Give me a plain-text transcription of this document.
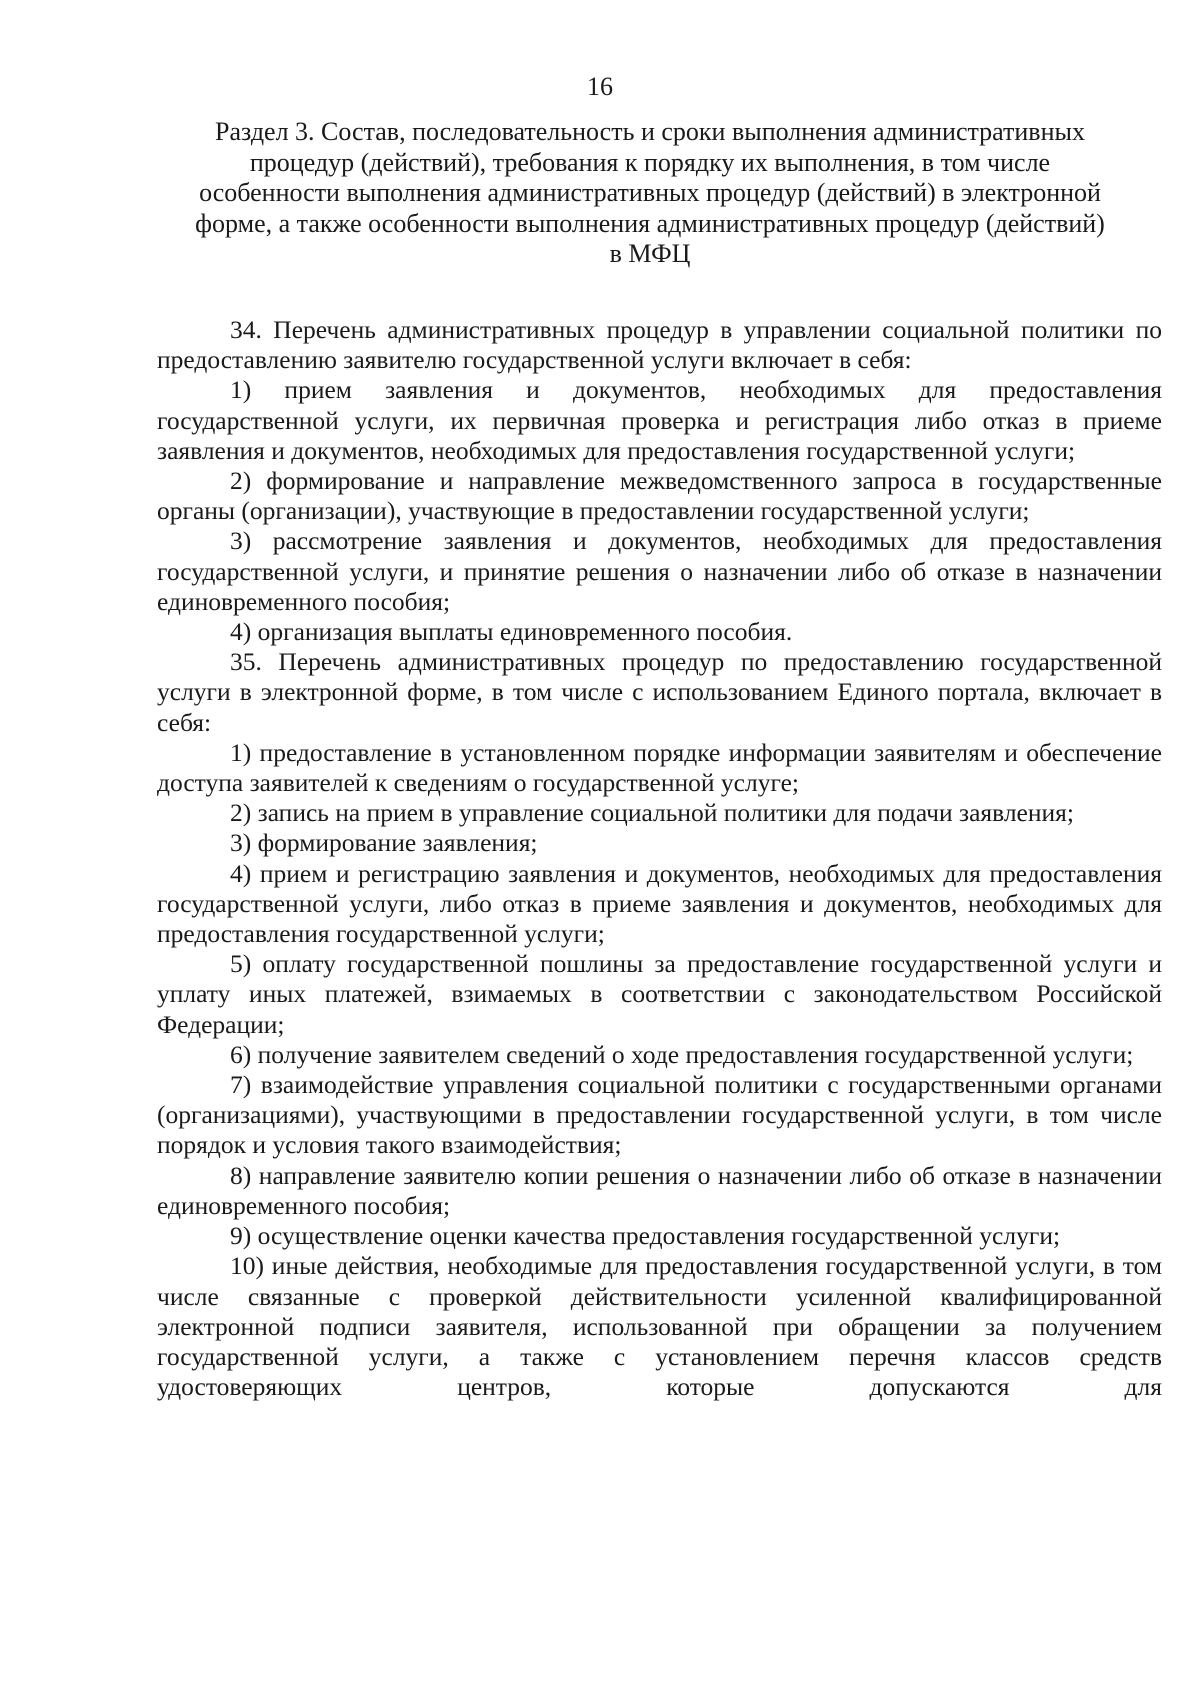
16
Раздел 3. Состав, последовательность и сроки выполнения административных
процедур (действий), требования к порядку их выполнения, в том числе
особенности выполнения административных процедур (действий) в электронной
форме, а также особенности выполнения административных процедур (действий)
в МФЦ

34. Перечень административных процедур в управлении социальной политики по предоставлению заявителю государственной услуги включает в себя:

1) прием заявления и документов, необходимых для предоставления государственной услуги, их первичная проверка и регистрация либо отказ в приеме заявления и документов, необходимых для предоставления государственной услуги;

2) формирование и направление межведомственного запроса в государственные органы (организации), участвующие в предоставлении государственной услуги;

3) рассмотрение заявления и документов, необходимых для предоставления государственной услуги, и принятие решения о назначении либо об отказе в назначении единовременного пособия;

4) организация выплаты единовременного пособия.

35. Перечень административных процедур по предоставлению государственной услуги в электронной форме, в том числе с использованием Единого портала, включает в себя:

1) предоставление в установленном порядке информации заявителям и обеспечение доступа заявителей к сведениям о государственной услуге;

2) запись на прием в управление социальной политики для подачи заявления;

3) формирование заявления;

4) прием и регистрацию заявления и документов, необходимых для предоставления государственной услуги, либо отказ в приеме заявления и документов, необходимых для предоставления государственной услуги;

5) оплату государственной пошлины за предоставление государственной услуги и уплату иных платежей, взимаемых в соответствии с законодательством Российской Федерации;

6) получение заявителем сведений о ходе предоставления государственной услуги;

7) взаимодействие управления социальной политики с государственными органами (организациями), участвующими в предоставлении государственной услуги, в том числе порядок и условия такого взаимодействия;

8) направление заявителю копии решения о назначении либо об отказе в назначении единовременного пособия;

9) осуществление оценки качества предоставления государственной услуги;

10) иные действия, необходимые для предоставления государственной услуги, в том числе связанные с проверкой действительности усиленной квалифицированной электронной подписи заявителя, использованной при обращении за получением государственной услуги, а также с установлением перечня классов средств удостоверяющих центров, которые допускаются для
